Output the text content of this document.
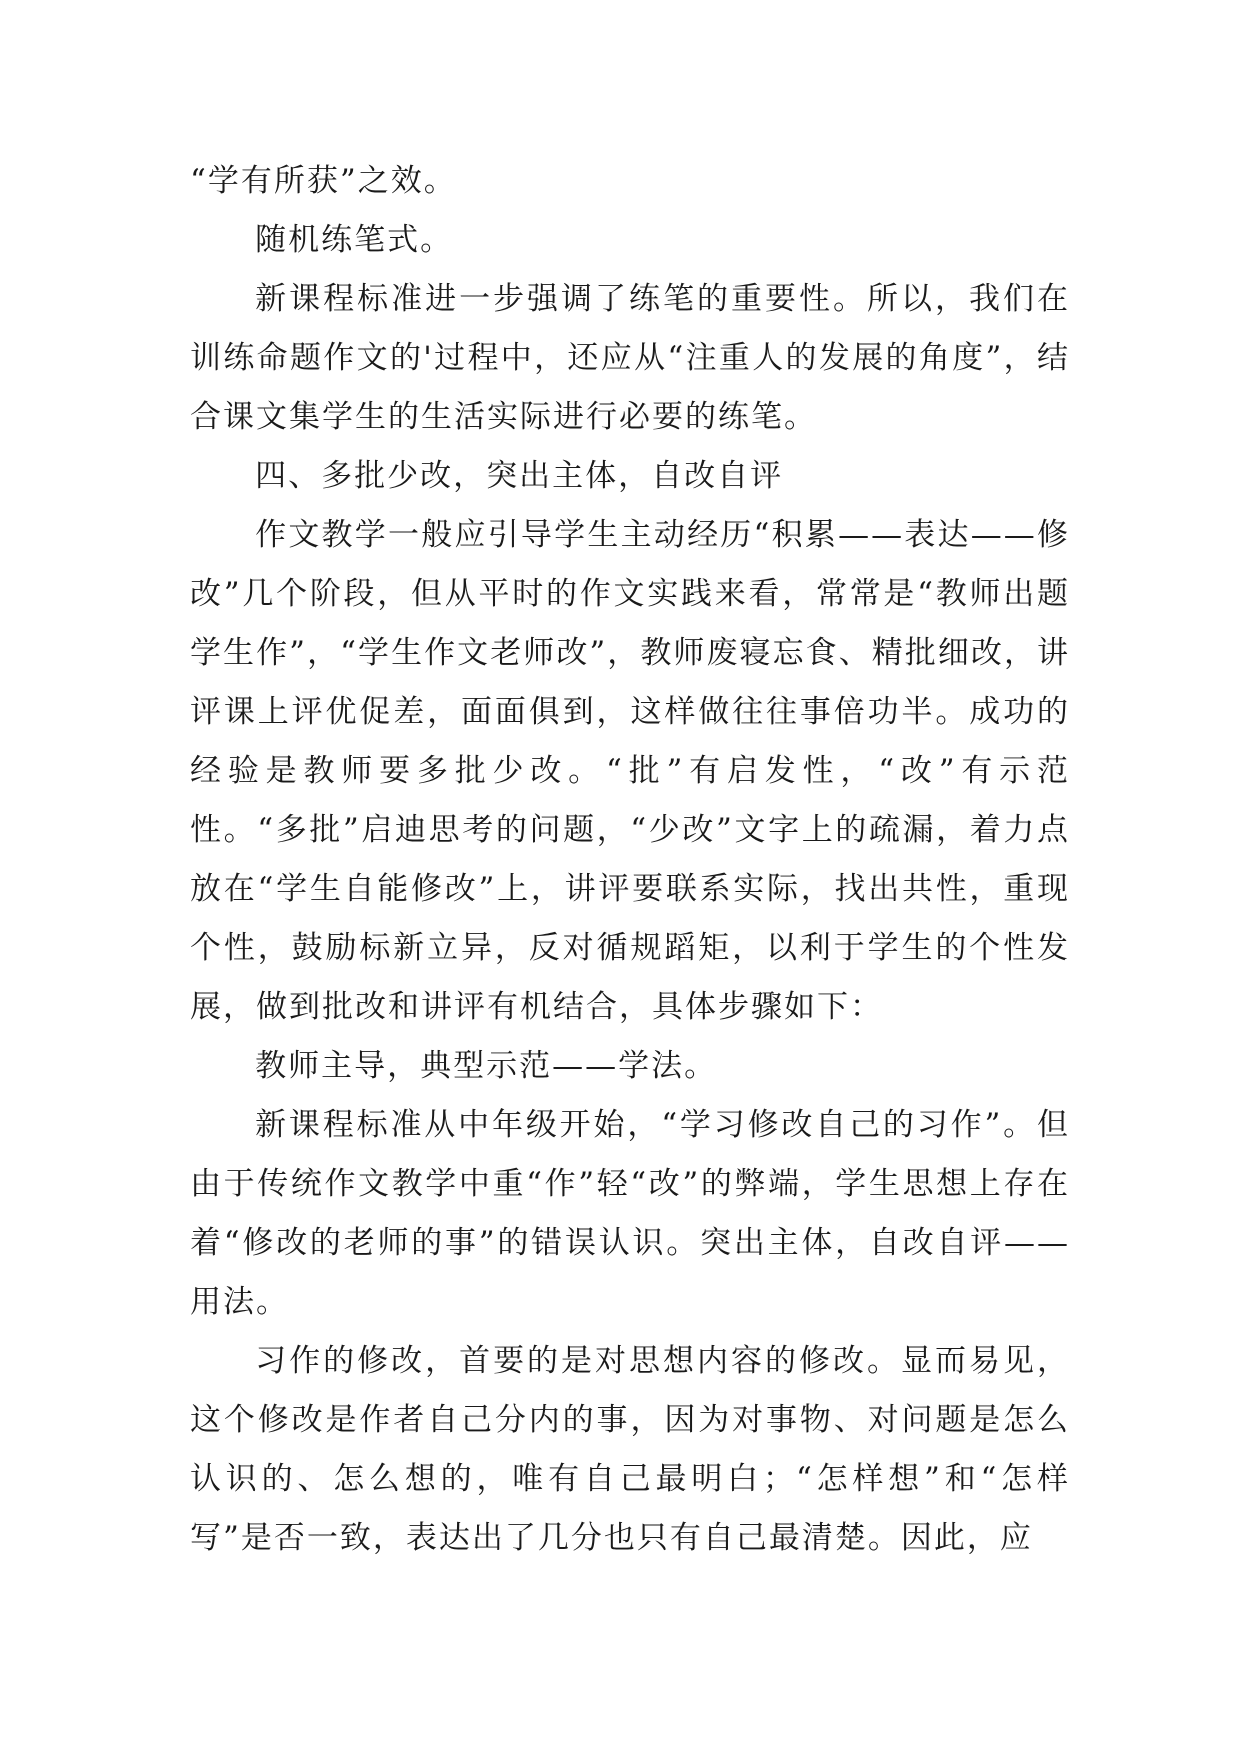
“学有所获”之效。

随机练笔式。

新课程标准进一步强调了练笔的重要性。所以，我们在训练命题作文的'过程中，还应从“注重人的发展的角度”，结合课文集学生的生活实际进行必要的练笔。

四、多批少改，突出主体，自改自评

作文教学一般应引导学生主动经历“积累——表达——修改”几个阶段，但从平时的作文实践来看，常常是“教师出题学生作”，“学生作文老师改”，教师废寝忘食、精批细改，讲评课上评优促差，面面俱到，这样做往往事倍功半。成功的经验是教师要多批少改。“批”有启发性，“改”有示范性。“多批”启迪思考的问题，“少改”文字上的疏漏，着力点放在“学生自能修改”上，讲评要联系实际，找出共性，重现个性，鼓励标新立异，反对循规蹈矩，以利于学生的个性发展，做到批改和讲评有机结合，具体步骤如下：

教师主导，典型示范——学法。

新课程标准从中年级开始，“学习修改自己的习作”。但由于传统作文教学中重“作”轻“改”的弊端，学生思想上存在着“修改的老师的事”的错误认识。突出主体，自改自评——用法。

习作的修改，首要的是对思想内容的修改。显而易见，这个修改是作者自己分内的事，因为对事物、对问题是怎么认识的、怎么想的，唯有自己最明白；“怎样想”和“怎样写”是否一致，表达出了几分也只有自己最清楚。因此，应
